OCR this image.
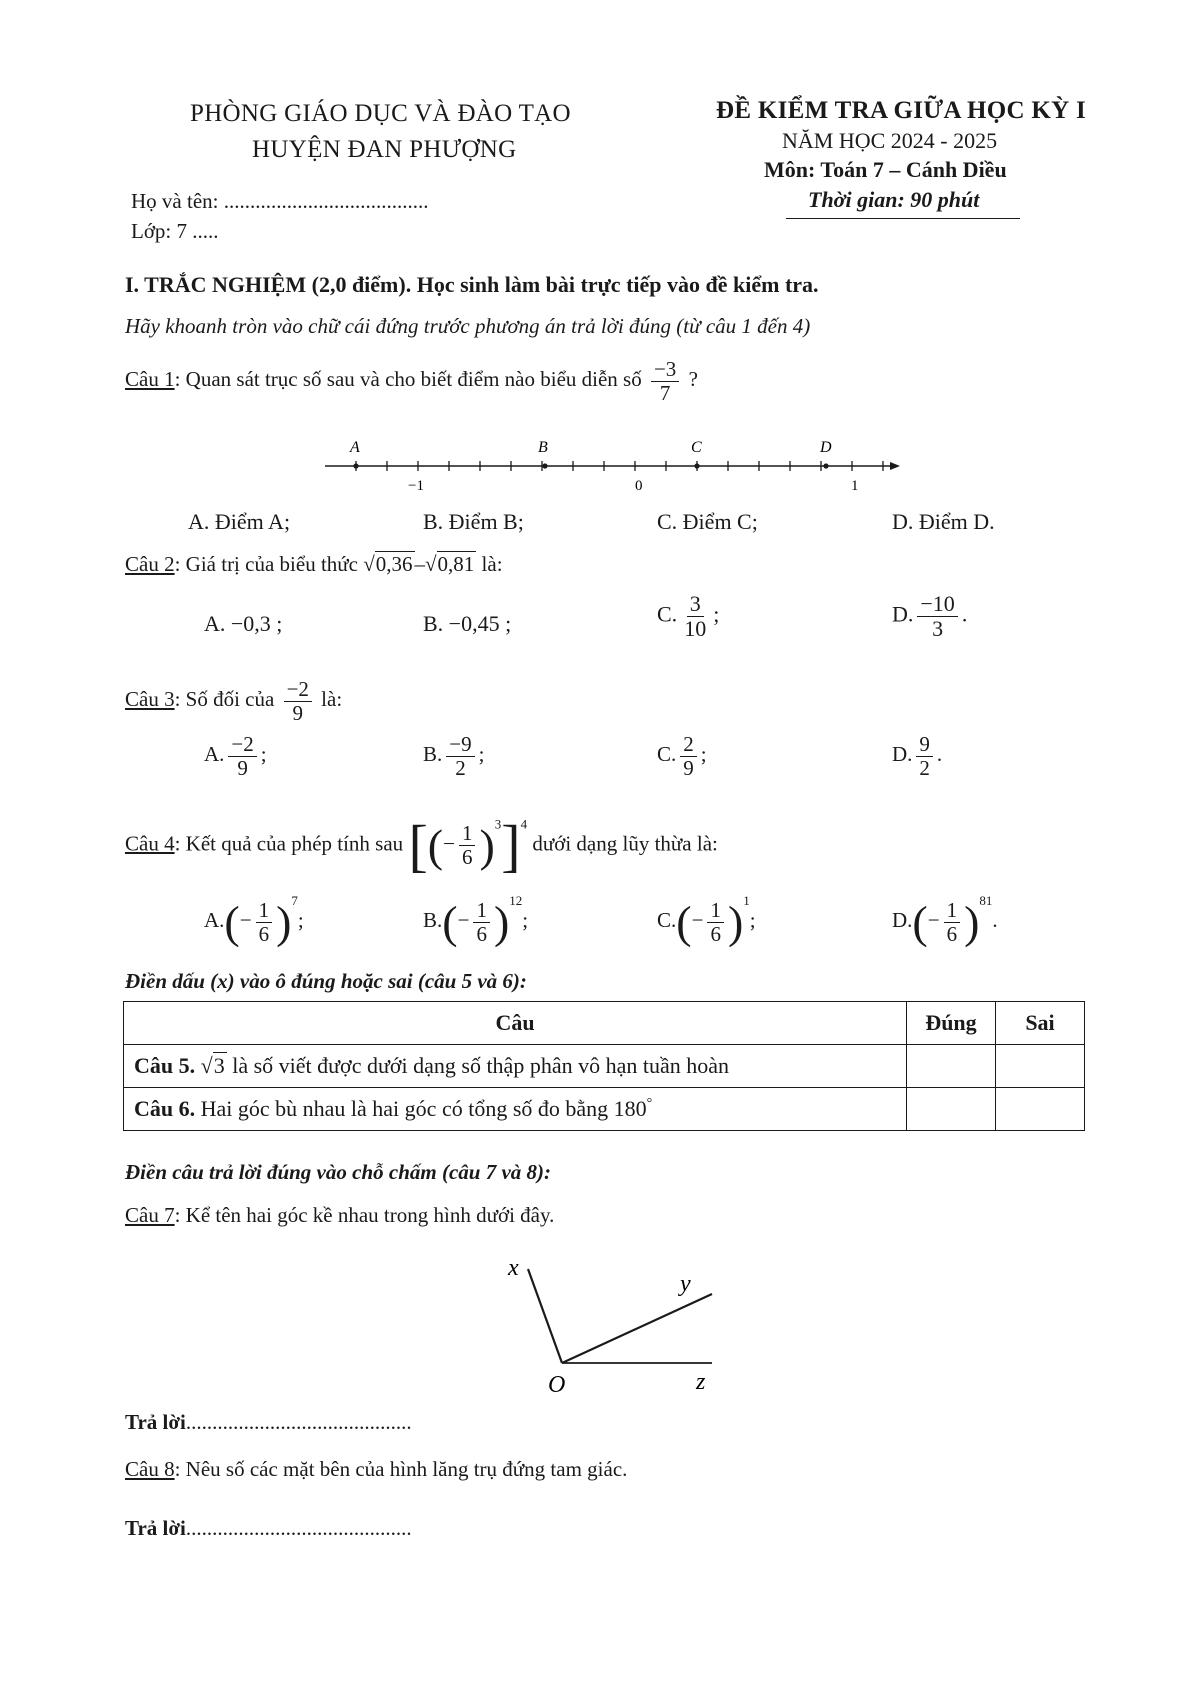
PHÒNG GIÁO DỤC VÀ ĐÀO TẠO
HUYỆN ĐAN PHƯỢNG
ĐỀ KIỂM TRA GIỮA HỌC KỲ I
NĂM HỌC 2024 - 2025
Môn: Toán 7 – Cánh Diều
Thời gian: 90 phút
Họ và tên: .......................................
Lớp: 7 .....
I. TRẮC NGHIỆM (2,0 điểm). Học sinh làm bài trực tiếp vào đề kiểm tra.
Hãy khoanh tròn vào chữ cái đứng trước phương án trả lời đúng (từ câu 1 đến 4)
Câu 1: Quan sát trục số sau và cho biết điểm nào biểu diễn số $\frac{-3}{7}$ ?
A	B	C	D
−1	0	1
A. Điểm A;	B. Điểm B;	C. Điểm C;	D. Điểm D.
Câu 2: Giá trị của biểu thức √0,36–√0,81 là:
A. −0,3 ;	B. −0,45 ;	C. $\frac{3}{10}$ ;	D. $\frac{-10}{3}$ .
Câu 3: Số đối của $\frac{-2}{9}$ là:
A. $\frac{-2}{9}$ ;	B. $\frac{-9}{2}$ ;	C. $\frac{2}{9}$ ;	D. $\frac{9}{2}$ .
Câu 4: Kết quả của phép tính sau [(− $\frac{1}{6} )^3]^4$ dưới dạng lũy thừa là:
$A.(- \frac{1}{6} )^7$;	$B.(- \frac{1}{6} )^{12}$;	$C.(- \frac{1}{6} )^1$;	$D.(- \frac{1}{6} )^{81}$.
Điền dấu (x) vào ô đúng hoặc sai (câu 5 và 6):
Câu	Đúng	Sai
Câu 5. √3 là số viết được dưới dạng số thập phân vô hạn tuần hoàn		
Câu 6. Hai góc bù nhau là hai góc có tổng số đo bằng 180°		
Điền câu trả lời đúng vào chỗ chấm (câu 7 và 8):
Câu 7: Kể tên hai góc kề nhau trong hình dưới đây.
x
y
O	z
Trả lời...........................................
Câu 8: Nêu số các mặt bên của hình lăng trụ đứng tam giác.
Trả lời...........................................
